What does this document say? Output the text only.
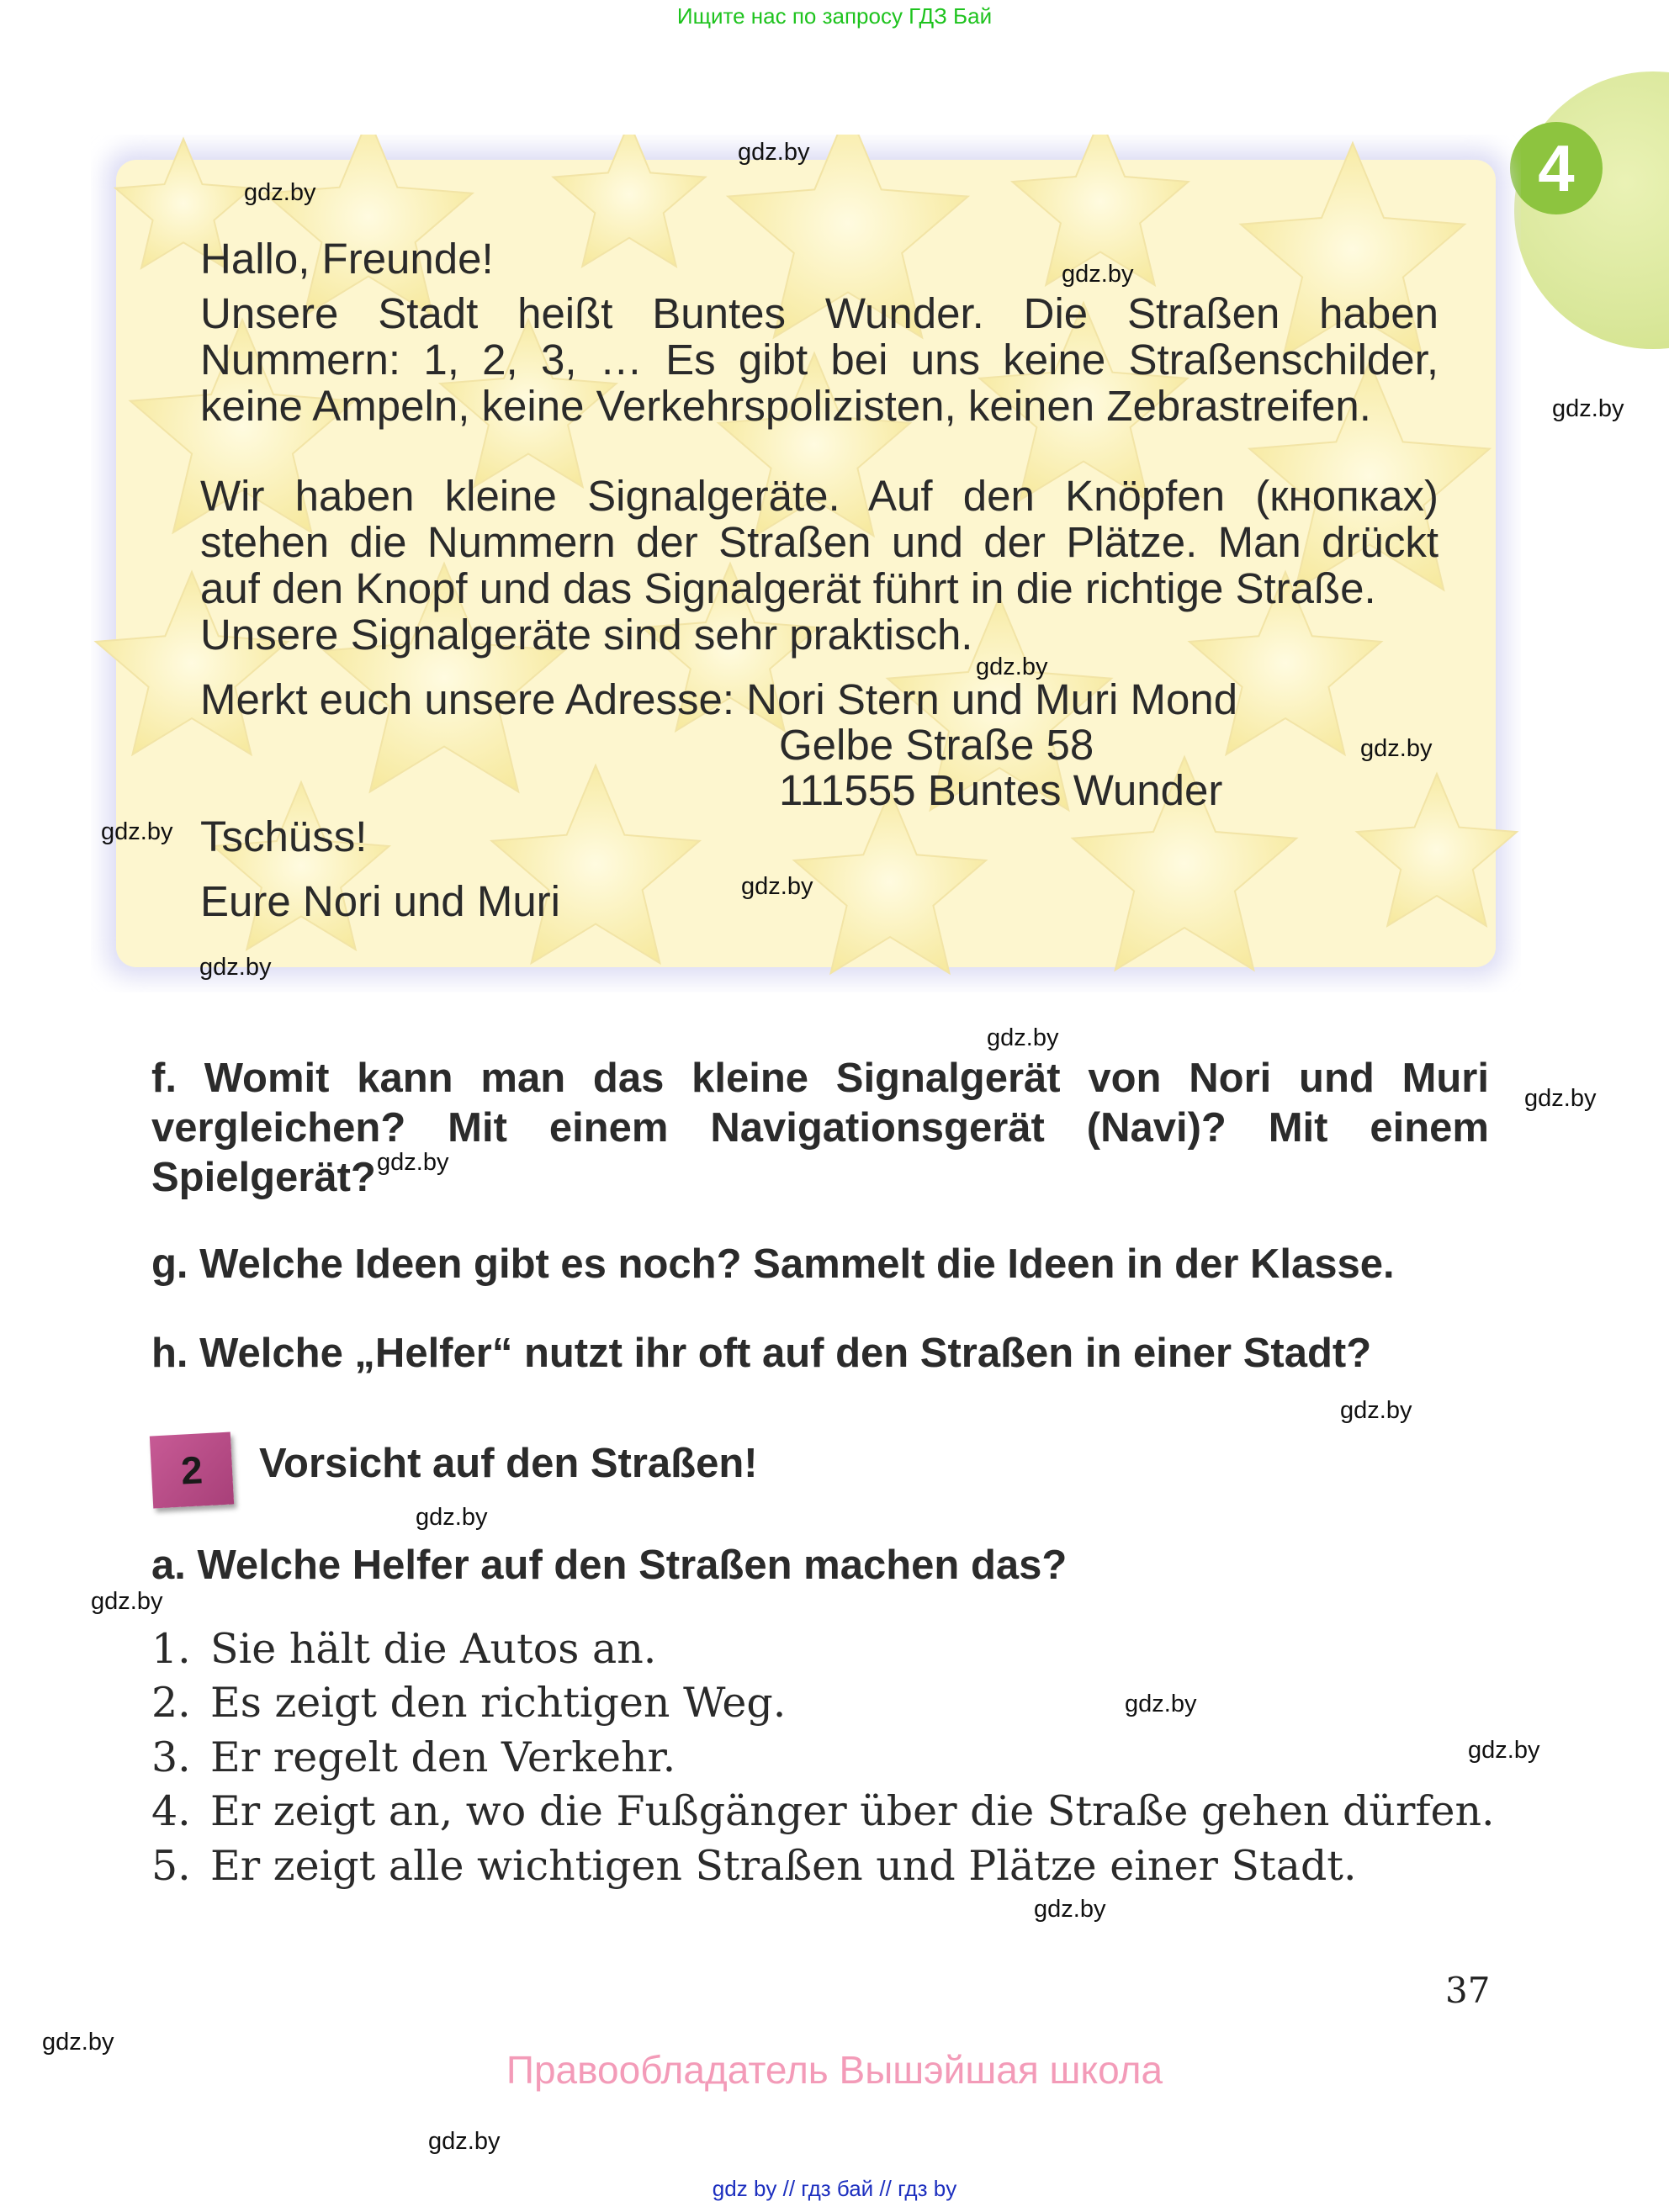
Ищите нас по запросу ГДЗ Бай
4
Hallo, Freunde!
Unsere Stadt heißt Buntes Wunder. Die Straßen haben
Nummern: 1, 2, 3, … Es gibt bei uns keine Straßenschilder,
keine Ampeln, keine Verkehrspolizisten, keinen Zebrastreifen.
Wir haben kleine Signalgeräte. Auf den Knöpfen (кнопках)
stehen die Nummern der Straßen und der Plätze. Man drückt
auf den Knopf und das Signalgerät führt in die richtige Straße.
Unsere Signalgeräte sind sehr praktisch.
Merkt euch unsere Adresse: Nori Stern und Muri Mond
Gelbe Straße 58
111555 Buntes Wunder
Tschüss!
Eure Nori und Muri
f. Womit kann man das kleine Signalgerät von Nori und Muri
vergleichen? Mit einem Navigationsgerät (Navi)? Mit einem
Spielgerät?
g. Welche Ideen gibt es noch? Sammelt die Ideen in der Klasse.
h. Welche „Helfer“ nutzt ihr oft auf den Straßen in einer Stadt?
2	Vorsicht auf den Straßen!
a. Welche Helfer auf den Straßen machen das?
1. Sie hält die Autos an.
2. Es zeigt den richtigen Weg.
3. Er regelt den Verkehr.
4. Er zeigt an, wo die Fußgänger über die Straße gehen dürfen.
5. Er zeigt alle wichtigen Straßen und Plätze einer Stadt.
37
Правообладатель Вышэйшая школа
gdz by // гдз бай // гдз by
gdz.by
gdz.by
gdz.by
gdz.by
gdz.by
gdz.by
gdz.by
gdz.by
gdz.by
gdz.by
gdz.by
gdz.by
gdz.by
gdz.by
gdz.by
gdz.by
gdz.by
gdz.by
gdz.by
gdz.by
